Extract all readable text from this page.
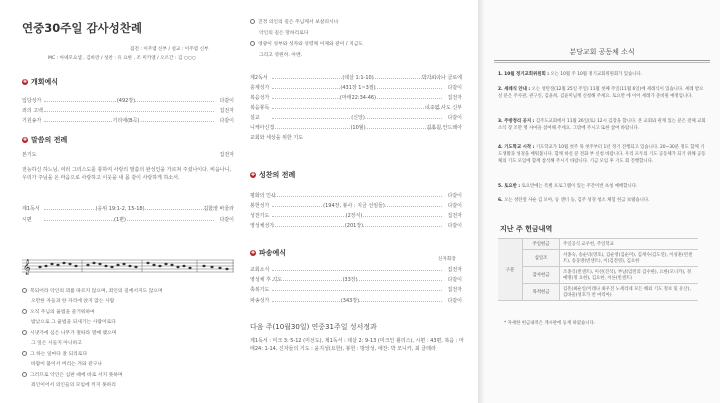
연중30주일 감사성찬례
집전 : 이주엽 신부 / 설교 : 이주엽 신부
MC : 아녜모요셉 , 김바란 / 성찬 : 유 요한 , 조 미카엘 / 오르간 : 김 ○○○
✚ 개회예식
입당성가	(492장)	다같이
죄의 고백	집전자
기원송가	기리에(B곡)	다같이
✚ 말씀의 전례
본기도	집전자
전능하신 하느님, 여러 그리스도를 통하여 사랑의 말씀의 완성인을 가르쳐 주셨나이다. 비옵나니, 우리가 주님을 온 마음으로 사랑하고 이웃을 내 몸 같이 사랑하게 하소서.
제1독서	(응위 19:1-2, 15-18)	김한영 바울라
시편	(1편)	다같이
𝄞
복되어라 악인의 꾀를 따르지 않으며, 죄인의 길에서지도 않으며
오만한 자들과 한 자리에 앉지 않는 사람
오직 주님의 율법을 즐거워하여
밤낮으로 그 율법을 되새기는 사람이로다
시냇가에 심은 나무가 철따라 열매 맺으며
그 잎은 시들지 아니하고
그 하는 일마다 잘 되리로다
바람이 불어서 버리는 겨와 같구나
그러므로 악인은 심판 때에 바로 서지 못하며
죄인이어서 의인들의 모임에 끼지 못하리
진정 의인의 길은 주님께서 보살피시나
악인의 길은 망하리로다
영광이 성부와 성자와 성령께 이제와 같이 / 지금도
그리고 영원히. 아멘.
제2독서	(데살 1:1-10)	박가피아나 클로에
층계성가	(431장 1~3절)	다같이
복음성가	(마태22:34-46)	집전자
복음봉독	이주엽 사도 신부
설교	(신앙)	다같이
니케아신경	(10월)	김홍원 안드레아
교회와 세상을 위한 기도
✚ 성찬의 전례
평화의 인사	다같이
봉헌성가	(194장, 봉사 : 지금 선임들)	다같이
성찬기도	(2장식)	집전자
영성체성가	(201장)	다같이
✚ 파송예식
신자회장
교회소식	집전자
영성체 후 기도	(33장)	다같이
축복기도	집전자
파송성가	(343장)	다같이
다음 주(10월30일) 연중31주일 성서정과
제1독서 : 미크 3: 5-12 (미선도), 제1독서 : 데살 2: 9-13 (미크인 윌리스), 시편 : 43편, 복음 : 마태24: 1-14, 신자들의 기도 : 윤지성(요한), 봉헌 : 방앙성, 애찬: 박 모니카, 최 클레라
분당교회 공동체 소식
1. 10월 정기교회위원회 : 오는 10월 주 10월 정기교회위원회가 있습니다.
2. 세례식 안내 : 오는 성탄절(12월 25일 주일) 11월 첫째 주일(11월 6일)에 세례식이 있습니다. 세례 받으실 분은 주사관, 관구인, 김윤희, 김윤미님께 신청해 주세요. 토요반 에 이어 세례가 준비될 예정입니다.
3. 주방정리 공지 : 김주도교회에서 11월 26일(토) 12시 김장을 합니다. 본 교회와 관계 있는 분은 전체 교회소식 장 조만 명 사마을 참여해 주세요. 그밖에 주시고 또한 참여 바랍니다.
4. 기도학교 시작 : 기도학교가 10월 첫주 목 첫주부터 1년 정기 진행되고 있습니다. 20~30분 정도 함께 기도생활과 성경을 배워봅니다. 함께 하실 분 전화 부 신청 바랍니다. 우리 모두의 기도 공동체가 되기 위해 공동체의 기도 모임에 함께 참석해 주시기 바랍니다. 기금 모임 후 기도 회 진행합니다.
5. 토요반 : 토요반에는 특별 프로그램이 있는 주간이번 초청 예배합니다.
6. 오는 성탄절 사순 김 모아, 등 앤너 등, 김주 성경 청소 체험 헌금 보탰습니다.
지난 주 헌금내역
구분	주일헌금	주일공식 교우헌, 주일학교
	십일조	서종숙, 송순덕(영호), 김순영(김순미), 김재수(김도연), 이성훈(빈센트), 송동방(빈센트), 이(김전영), 김요한
	감사헌금	조종식(빈센트), 이선(진석), 부남(임빈의 김수한), 요한(모니카), 정예명(정 요한), 김요한, 이른(빈센트)
	목적헌금	김흥(최순일/이레나 최우진 노세리네 모든 해외 기도 정보 및 유산), 김바울(성호가 찬 마리아)
* 자세한 헌금내역은 게시판에 등재 하였습니다.
